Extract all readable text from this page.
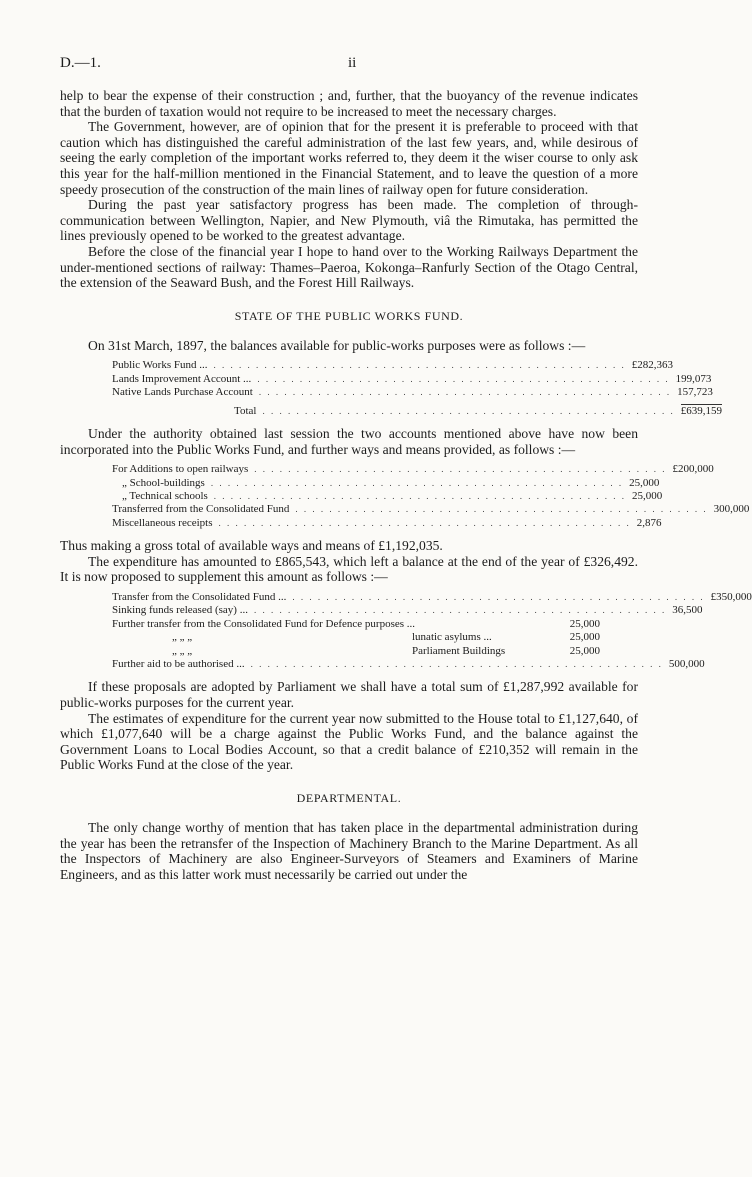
D.—1.	ii

help to bear the expense of their construction ; and, further, that the buoyancy of the revenue indicates that the burden of taxation would not require to be increased to meet the necessary charges.

The Government, however, are of opinion that for the present it is preferable to proceed with that caution which has distinguished the careful administration of the last few years, and, while desirous of seeing the early completion of the important works referred to, they deem it the wiser course to only ask this year for the half-million mentioned in the Financial Statement, and to leave the question of a more speedy prosecution of the construction of the main lines of railway open for future consideration.

During the past year satisfactory progress has been made. The completion of through-communication between Wellington, Napier, and New Plymouth, viâ the Rimutaka, has permitted the lines previously opened to be worked to the greatest advantage.

Before the close of the financial year I hope to hand over to the Working Railways Department the under-mentioned sections of railway: Thames–Paeroa, Kokonga–Ranfurly Section of the Otago Central, the extension of the Seaward Bush, and the Forest Hill Railways.

STATE OF THE PUBLIC WORKS FUND.

On 31st March, 1897, the balances available for public-works purposes were as follows :—

Public Works Fund ... . . . . . . . . . . . . . . . . . . . . . . . . . . . . . . . . . . . . . . . . . . . . . . . . . £282,363
Lands Improvement Account ... . . . . . . . . . . . . . . . . . . . . . . . . . . . . . . . . . . . . . . . . . . . . . . . . . 199,073
Native Lands Purchase Account . . . . . . . . . . . . . . . . . . . . . . . . . . . . . . . . . . . . . . . . . . . . . . . . . 157,723
Total . . . . . . . . . . . . . . . . . . . . . . . . . . . . . . . . . . . . . . . . . . . . . . . . . £639,159

Under the authority obtained last session the two accounts mentioned above have now been incorporated into the Public Works Fund, and further ways and means provided, as follows :—

For Additions to open railways . . . . . . . . . . . . . . . . . . . . . . . . . . . . . . . . . . . . . . . . . . . . . . . . . £200,000
„ School-buildings . . . . . . . . . . . . . . . . . . . . . . . . . . . . . . . . . . . . . . . . . . . . . . . . . 25,000
„ Technical schools . . . . . . . . . . . . . . . . . . . . . . . . . . . . . . . . . . . . . . . . . . . . . . . . . 25,000
Transferred from the Consolidated Fund . . . . . . . . . . . . . . . . . . . . . . . . . . . . . . . . . . . . . . . . . . . . . . . . . 300,000
Miscellaneous receipts . . . . . . . . . . . . . . . . . . . . . . . . . . . . . . . . . . . . . . . . . . . . . . . . . 2,876

Thus making a gross total of available ways and means of £1,192,035.

The expenditure has amounted to £865,543, which left a balance at the end of the year of £326,492. It is now proposed to supplement this amount as follows :—

Transfer from the Consolidated Fund ... . . . . . . . . . . . . . . . . . . . . . . . . . . . . . . . . . . . . . . . . . . . . . . . . . £350,000
Sinking funds released (say) ... . . . . . . . . . . . . . . . . . . . . . . . . . . . . . . . . . . . . . . . . . . . . . . . . . 36,500
Further transfer from the Consolidated Fund for Defence purposes ...	25,000
„ „ „	lunatic asylums ...	25,000
„ „ „	Parliament Buildings	25,000
Further aid to be authorised ... . . . . . . . . . . . . . . . . . . . . . . . . . . . . . . . . . . . . . . . . . . . . . . . . . 500,000

If these proposals are adopted by Parliament we shall have a total sum of £1,287,992 available for public-works purposes for the current year.

The estimates of expenditure for the current year now submitted to the House total to £1,127,640, of which £1,077,640 will be a charge against the Public Works Fund, and the balance against the Government Loans to Local Bodies Account, so that a credit balance of £210,352 will remain in the Public Works Fund at the close of the year.

DEPARTMENTAL.

The only change worthy of mention that has taken place in the departmental administration during the year has been the retransfer of the Inspection of Machinery Branch to the Marine Department. As all the Inspectors of Machinery are also Engineer-Surveyors of Steamers and Examiners of Marine Engineers, and as this latter work must necessarily be carried out under the
